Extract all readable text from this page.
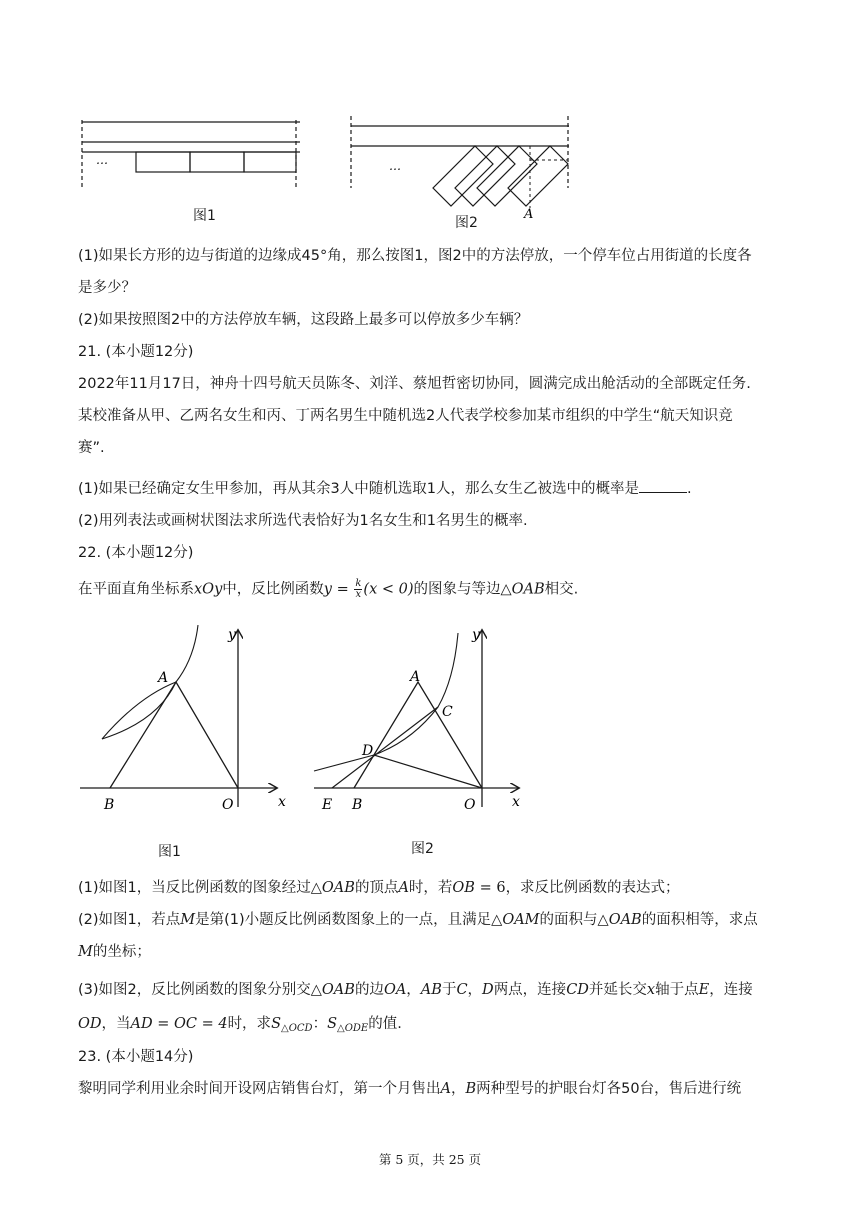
…
图1
…
A
图2
(1)如果长方形的边与街道的边缘成45°角，那么按图1，图2中的方法停放，一个停车位占用街道的长度各
是多少？
(2)如果按照图2中的方法停放车辆，这段路上最多可以停放多少车辆？
21. (本小题12分)
2022年11月17日，神舟十四号航天员陈冬、刘洋、蔡旭哲密切协同，圆满完成出舱活动的全部既定任务.
某校准备从甲、乙两名女生和丙、丁两名男生中随机选2人代表学校参加某市组织的中学生“航天知识竞
赛”.
(1)如果已经确定女生甲参加，再从其余3人中随机选取1人，那么女生乙被选中的概率是	.
(2)用列表法或画树状图法求所选代表恰好为1名女生和1名男生的概率.
22. (本小题12分)
在平面直角坐标系xOy中，反比例函数$y = \frac{k}{x} (x < 0)$的图象与等边△OAB相交.
y
A
B	O	x
图1
y
A
C
D
E B	O	x
图2
(1)如图1，当反比例函数的图象经过△OAB的顶点A时，若OB = 6，求反比例函数的表达式；
(2)如图1，若点M是第(1)小题反比例函数图象上的一点，且满足△OAM的面积与△OAB的面积相等，求点
M的坐标；
(3)如图2，反比例函数的图象分别交△OAB的边OA，AB于C，D两点，连接CD并延长交x轴于点E，连接
OD，当AD = OC = 4时，求$S_{\triangle OCD}$：$S_{\triangle ODE}$的值.
23. (本小题14分)
黎明同学利用业余时间开设网店销售台灯，第一个月售出A，B两种型号的护眼台灯各50台，售后进行统
第 5 页，共 25 页
